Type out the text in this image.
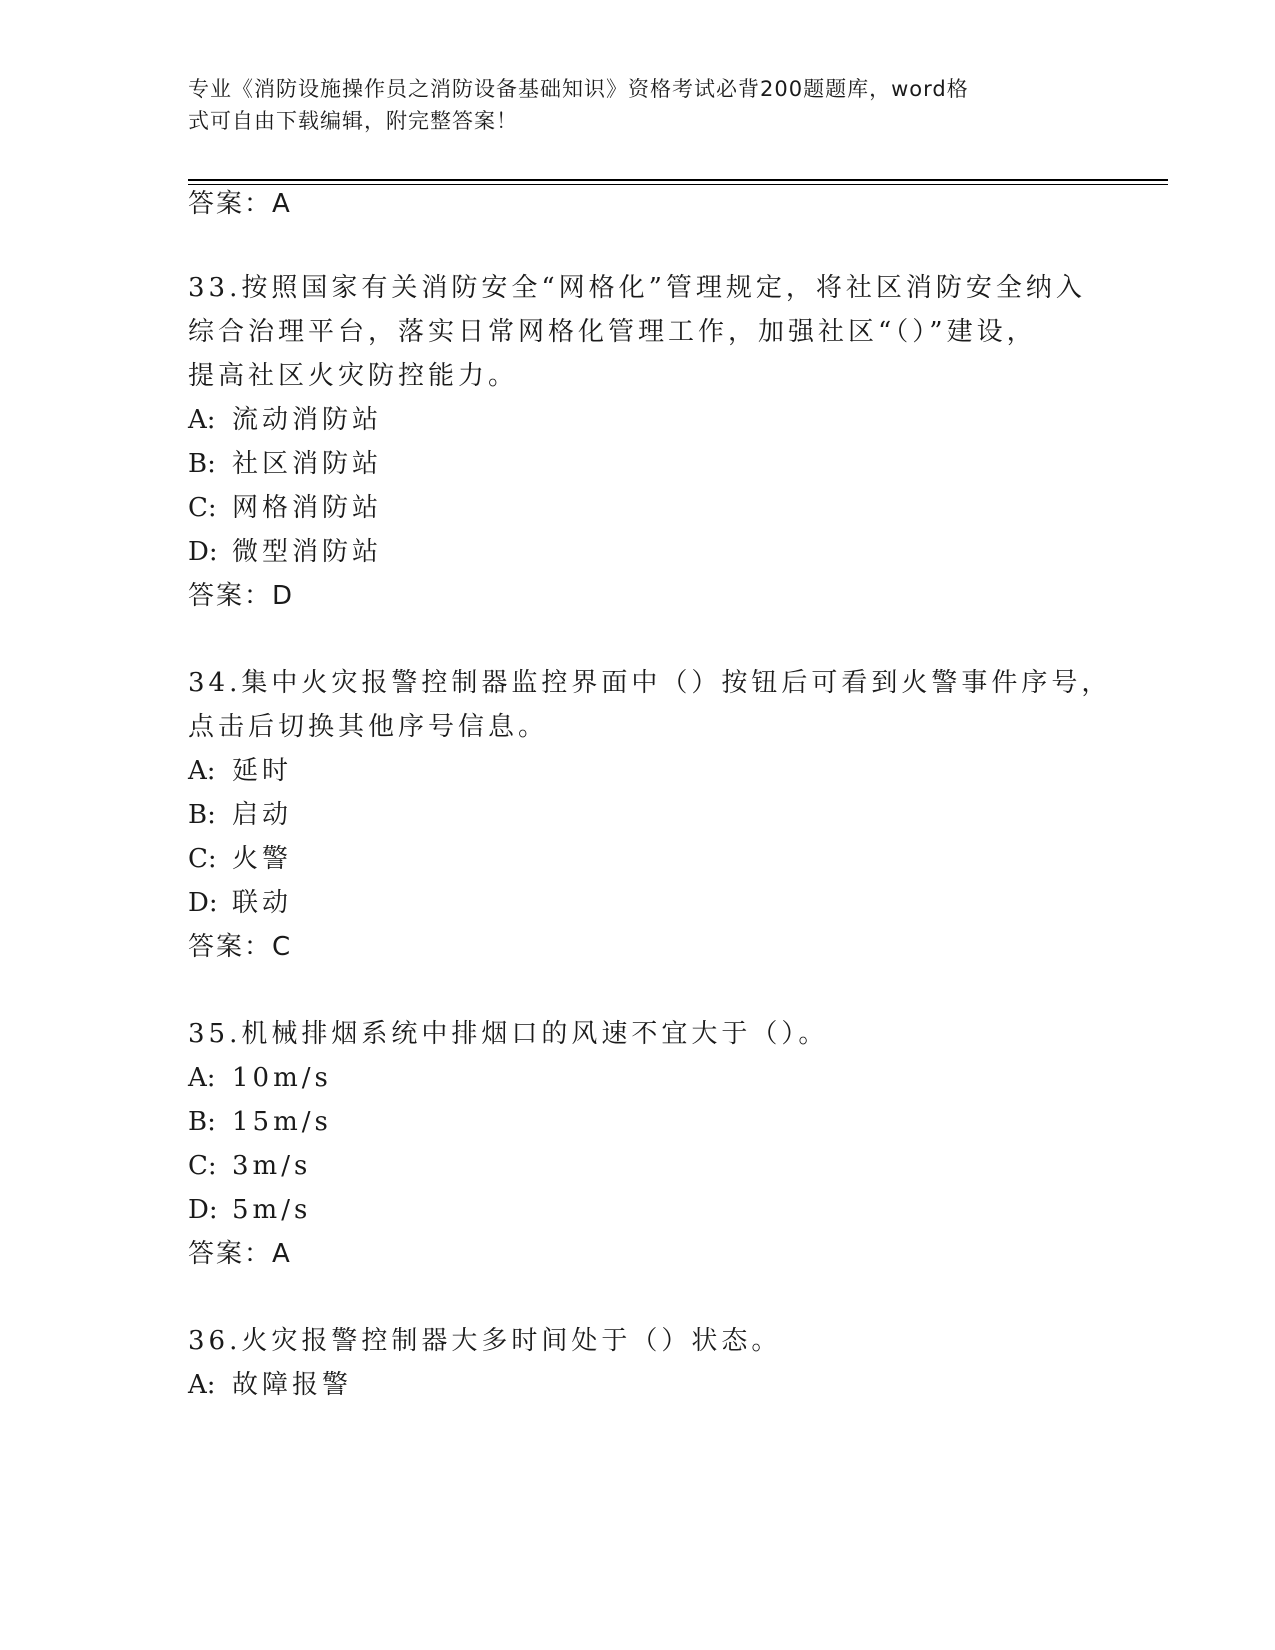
专业《消防设施操作员之消防设备基础知识》资格考试必背200题题库，word格
式可自由下载编辑，附完整答案！
答案：A
33.按照国家有关消防安全“网格化”管理规定，将社区消防安全纳入
综合治理平台，落实日常网格化管理工作，加强社区“（）”建设，
提高社区火灾防控能力。
A: 流动消防站
B: 社区消防站
C: 网格消防站
D: 微型消防站
答案：D
34.集中火灾报警控制器监控界面中（）按钮后可看到火警事件序号，
点击后切换其他序号信息。
A: 延时
B: 启动
C: 火警
D: 联动
答案：C
35.机械排烟系统中排烟口的风速不宜大于（）。
A: 10m/s
B: 15m/s
C: 3m/s
D: 5m/s
答案：A
36.火灾报警控制器大多时间处于（）状态。
A: 故障报警
